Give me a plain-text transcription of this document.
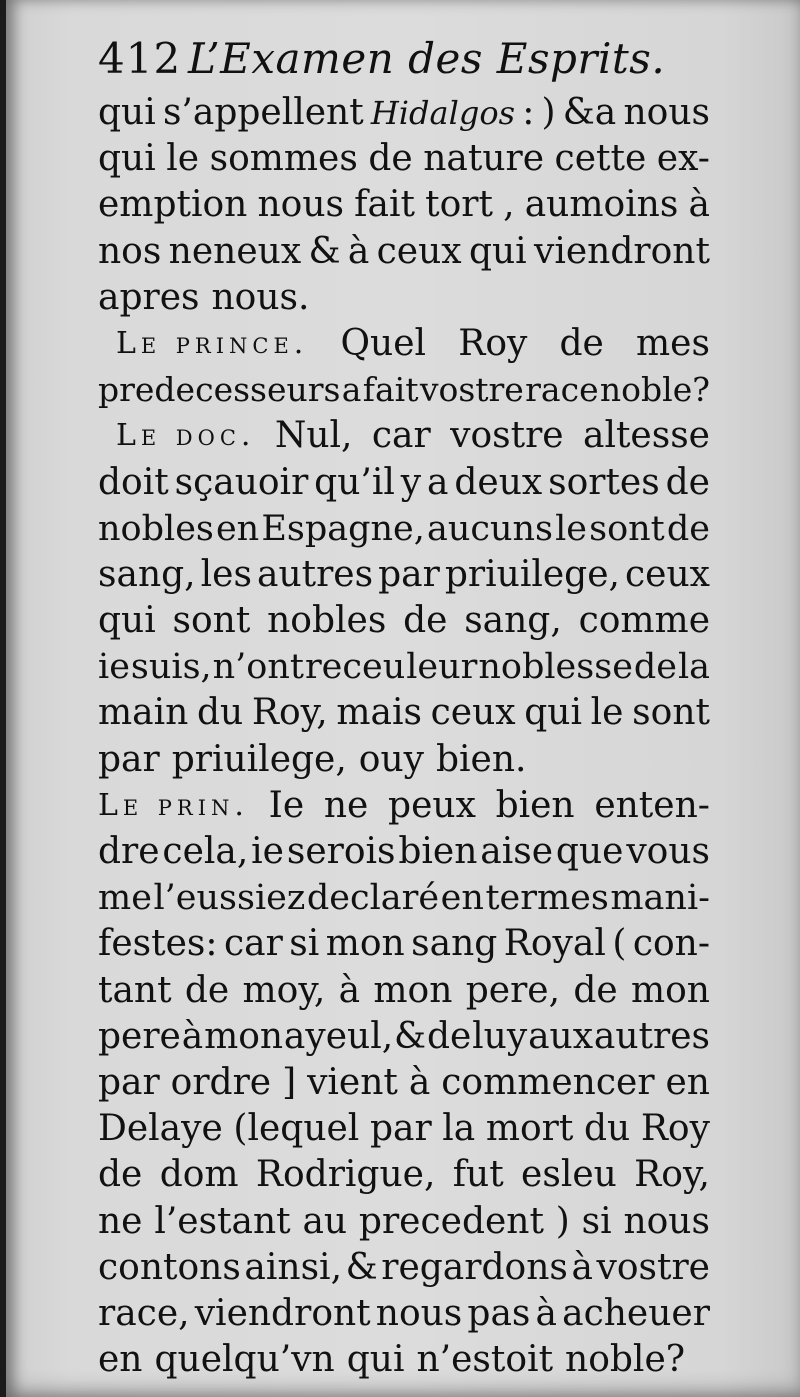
412 L’Examen des Esprits.
qui s’appellent Hidalgos : ) &a nous
qui le sommes de nature cette ex-
emption nous fait tort , aumoins à
nos neneux & à ceux qui viendront
apres nous.
Le prince. Quel Roy de mes
predecesseurs a fait vostre race noble?
Le doc. Nul, car vostre altesse
doit sçauoir qu’il y a deux sortes de
nobles en Espagne, aucuns le sont de
sang, les autres par priuilege, ceux
qui sont nobles de sang, comme
ie suis, n’ont receu leur noblesse de la
main du Roy, mais ceux qui le sont
par priuilege, ouy bien.
Le prin. Ie ne peux bien enten-
dre cela, ie serois bien aise que vous
me l’eussiez declaré en termes mani-
festes: car si mon sang Royal ( con-
tant de moy, à mon pere, de mon
pere à mon ayeul, & de luy aux autres
par ordre ] vient à commencer en
Delaye (lequel par la mort du Roy
de dom Rodrigue, fut esleu Roy,
ne l’estant au precedent ) si nous
contons ainsi, & regardons à vostre
race, viendront nous pas à acheuer
en quelqu’vn qui n’estoit noble?
